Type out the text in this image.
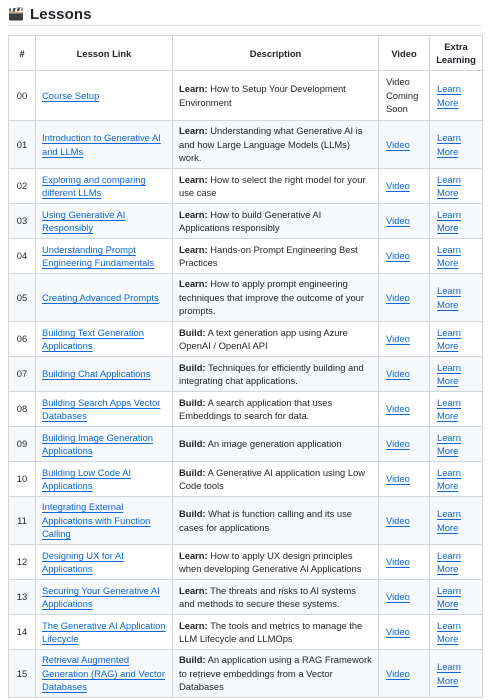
Lessons
#	Lesson Link	Description	Video	Extra Learning
00	Course Setup	Learn: How to Setup Your Development Environment	Video Coming Soon	Learn More
01	Introduction to Generative AI and LLMs	Learn: Understanding what Generative AI is and how Large Language Models (LLMs) work.	Video	Learn More
02	Exploring and comparing different LLMs	Learn: How to select the right model for your use case	Video	Learn More
03	Using Generative AI Responsibly	Learn: How to build Generative AI Applications responsibly	Video	Learn More
04	Understanding Prompt Engineering Fundamentals	Learn: Hands-on Prompt Engineering Best Practices	Video	Learn More
05	Creating Advanced Prompts	Learn: How to apply prompt engineering techniques that improve the outcome of your prompts.	Video	Learn More
06	Building Text Generation Applications	Build: A text generation app using Azure OpenAI / OpenAI API	Video	Learn More
07	Building Chat Applications	Build: Techniques for efficiently building and integrating chat applications.	Video	Learn More
08	Building Search Apps Vector Databases	Build: A search application that uses Embeddings to search for data.	Video	Learn More
09	Building Image Generation Applications	Build: An image generation application	Video	Learn More
10	Building Low Code AI Applications	Build: A Generative AI application using Low Code tools	Video	Learn More
11	Integrating External Applications with Function Calling	Build: What is function calling and its use cases for applications	Video	Learn More
12	Designing UX for AI Applications	Learn: How to apply UX design principles when developing Generative AI Applications	Video	Learn More
13	Securing Your Generative AI Applications	Learn: The threats and risks to AI systems and methods to secure these systems.	Video	Learn More
14	The Generative AI Application Lifecycle	Learn: The tools and metrics to manage the LLM Lifecycle and LLMOps	Video	Learn More
15	Retrieval Augmented Generation (RAG) and Vector Databases	Build: An application using a RAG Framework to retrieve embeddings from a Vector Databases	Video	Learn More
